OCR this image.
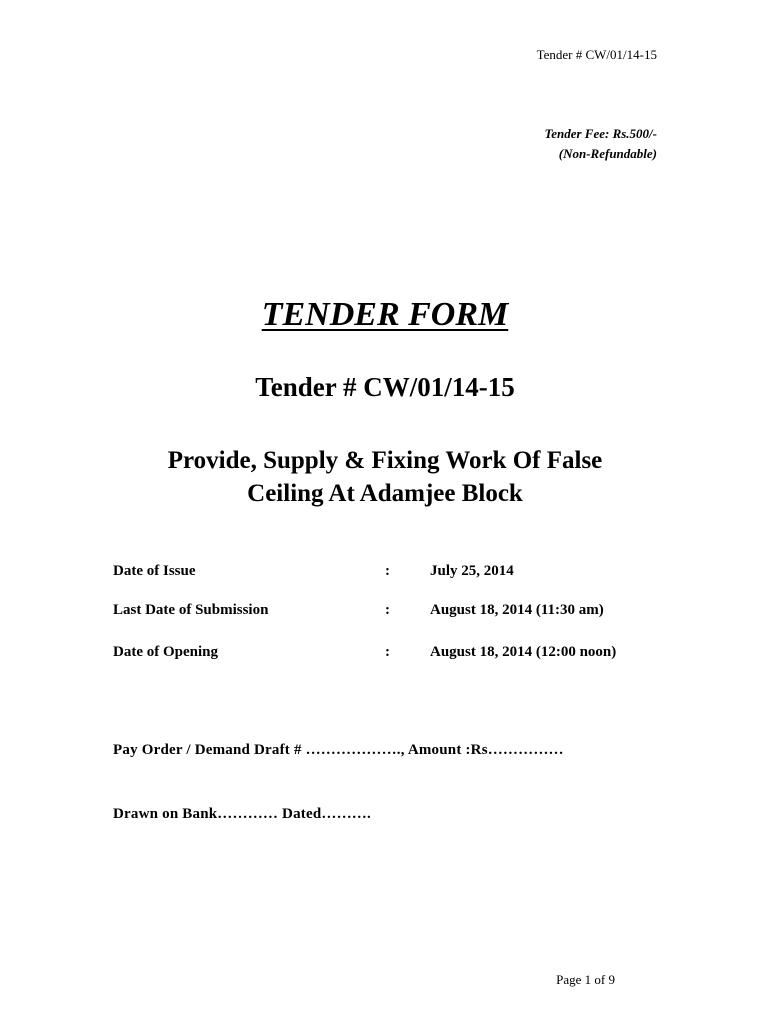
Tender # CW/01/14-15
Tender Fee: Rs.500/-
(Non-Refundable)
TENDER FORM
Tender # CW/01/14-15
Provide, Supply & Fixing Work Of False
Ceiling At Adamjee Block
Date of Issue	:	July 25, 2014
Last Date of Submission	:	August 18, 2014 (11:30 am)
Date of Opening	:	August 18, 2014 (12:00 noon)
Pay Order / Demand Draft # ………………., Amount :Rs……………
Drawn on Bank………… Dated……….
Page 1 of 9
